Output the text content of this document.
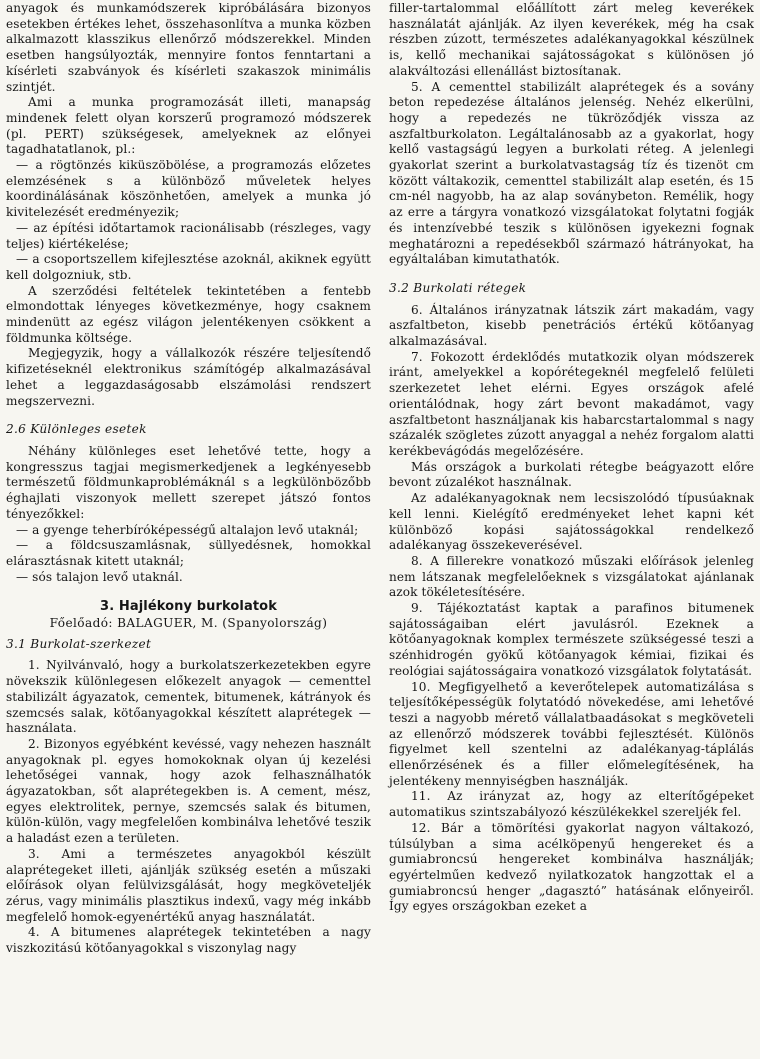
anyagok és munkamódszerek kipróbálására bizonyos esetekben értékes lehet, összehasonlítva a munka közben alkalmazott klasszikus ellenőrző módszerekkel. Minden esetben hangsúlyozták, mennyire fontos fenntartani a kísérleti szabványok és kísérleti szakaszok minimális szintjét.

Ami a munka programozását illeti, manapság mindenek felett olyan korszerű programozó módszerek (pl. PERT) szükségesek, amelyeknek az előnyei tagadhatatlanok, pl.:

— a rögtönzés kiküszöbölése, a programozás előzetes elemzésének s a különböző műveletek helyes koordinálásának köszönhetően, amelyek a munka jó kivitelezését eredményezik;

— az építési időtartamok racionálisabb (részleges, vagy teljes) kiértékelése;

— a csoportszellem kifejlesztése azoknál, akiknek együtt kell dolgozniuk, stb.

A szerződési feltételek tekintetében a fentebb elmondottak lényeges következménye, hogy csaknem mindenütt az egész világon jelentékenyen csökkent a földmunka költsége.

Megjegyzik, hogy a vállalkozók részére teljesítendő kifizetéseknél elektronikus számítógép alkalmazásával lehet a leggazdaságosabb elszámolási rendszert megszervezni.

2.6 Különleges esetek

Néhány különleges eset lehetővé tette, hogy a kongresszus tagjai megismerkedjenek a legkényesebb természetű földmunkaproblémáknál s a legkülönbözőbb éghajlati viszonyok mellett szerepet játszó fontos tényezőkkel:

— a gyenge teherbíróképességű altalajon levő utaknál;

— a földcsuszamlásnak, süllyedésnek, homokkal elárasztásnak kitett utaknál;

— sós talajon levő utaknál.

3. Hajlékony burkolatok
Főelőadó: BALAGUER, M. (Spanyolország)
3.1 Burkolat-szerkezet

1. Nyilvánvaló, hogy a burkolatszerkezetekben egyre növekszik különlegesen előkezelt anyagok — cementtel stabilizált ágyazatok, cementek, bitumenek, kátrányok és szemcsés salak, kötőanyagokkal készített alaprétegek — használata.

2. Bizonyos egyébként kevéssé, vagy nehezen használt anyagoknak pl. egyes homokoknak olyan új kezelési lehetőségei vannak, hogy azok felhasználhatók ágyazatokban, sőt alaprétegekben is. A cement, mész, egyes elektrolitek, pernye, szemcsés salak és bitumen, külön-külön, vagy megfelelően kombinálva lehetővé teszik a haladást ezen a területen.

3. Ami a természetes anyagokból készült alaprétegeket illeti, ajánlják szükség esetén a műszaki előírások olyan felülvizsgálását, hogy megköveteljék zérus, vagy minimális plasztikus indexű, vagy még inkább megfelelő homok-egyenértékű anyag használatát.

4. A bitumenes alaprétegek tekintetében a nagy viszkozitású kötőanyagokkal s viszonylag nagy

filler-tartalommal előállított zárt meleg keverékek használatát ajánlják. Az ilyen keverékek, még ha csak részben zúzott, természetes adalékanyagokkal készülnek is, kellő mechanikai sajátosságokat s különösen jó alakváltozási ellenállást biztosítanak.

5. A cementtel stabilizált alaprétegek és a sovány beton repedezése általános jelenség. Nehéz elkerülni, hogy a repedezés ne tükröződjék vissza az aszfaltburkolaton. Legáltalánosabb az a gyakorlat, hogy kellő vastagságú legyen a burkolati réteg. A jelenlegi gyakorlat szerint a burkolatvastagság tíz és tizenöt cm között váltakozik, cementtel stabilizált alap esetén, és 15 cm-nél nagyobb, ha az alap soványbeton. Remélik, hogy az erre a tárgyra vonatkozó vizsgálatokat folytatni fogják és intenzívebbé teszik s különösen igyekezni fognak meghatározni a repedésekből származó hátrányokat, ha egyáltalában kimutathatók.

3.2 Burkolati rétegek

6. Általános irányzatnak látszik zárt makadám, vagy aszfaltbeton, kisebb penetrációs értékű kötőanyag alkalmazásával.

7. Fokozott érdeklődés mutatkozik olyan módszerek iránt, amelyekkel a kopórétegeknél megfelelő felületi szerkezetet lehet elérni. Egyes országok afelé orientálódnak, hogy zárt bevont makadámot, vagy aszfaltbetont használjanak kis habarcstartalommal s nagy százalék szögletes zúzott anyaggal a nehéz forgalom alatti kerékbevágódás megelőzésére.

Más országok a burkolati rétegbe beágyazott előre bevont zúzalékot használnak.

Az adalékanyagoknak nem lecsiszolódó típusúaknak kell lenni. Kielégítő eredményeket lehet kapni két különböző kopási sajátosságokkal rendelkező adalékanyag összekeverésével.

8. A fillerekre vonatkozó műszaki előírások jelenleg nem látszanak megfelelőeknek s vizsgálatokat ajánlanak azok tökéletesítésére.

9. Tájékoztatást kaptak a parafinos bitumenek sajátosságaiban elért javulásról. Ezeknek a kötőanyagoknak komplex természete szükségessé teszi a szénhidrogén gyökű kötőanyagok kémiai, fizikai és reológiai sajátosságaira vonatkozó vizsgálatok folytatását.

10. Megfigyelhető a keverőtelepek automatizálása s teljesítőképességük folytatódó növekedése, ami lehetővé teszi a nagyobb mérető vállalatbaadásokat s megköveteli az ellenőrző módszerek további fejlesztését. Különös figyelmet kell szentelni az adalékanyag-táplálás ellenőrzésének és a filler előmelegítésének, ha jelentékeny mennyiségben használják.

11. Az irányzat az, hogy az elterítőgépeket automatikus szintszabályozó készülékekkel szereljék fel.

12. Bár a tömörítési gyakorlat nagyon váltakozó, túlsúlyban a sima acélköpenyű hengereket és a gumiabroncsú hengereket kombinálva használják; egyértelműen kedvező nyilatkozatok hangzottak el a gumiabroncsú henger „dagasztó” hatásának előnyeiről. Így egyes országokban ezeket a
